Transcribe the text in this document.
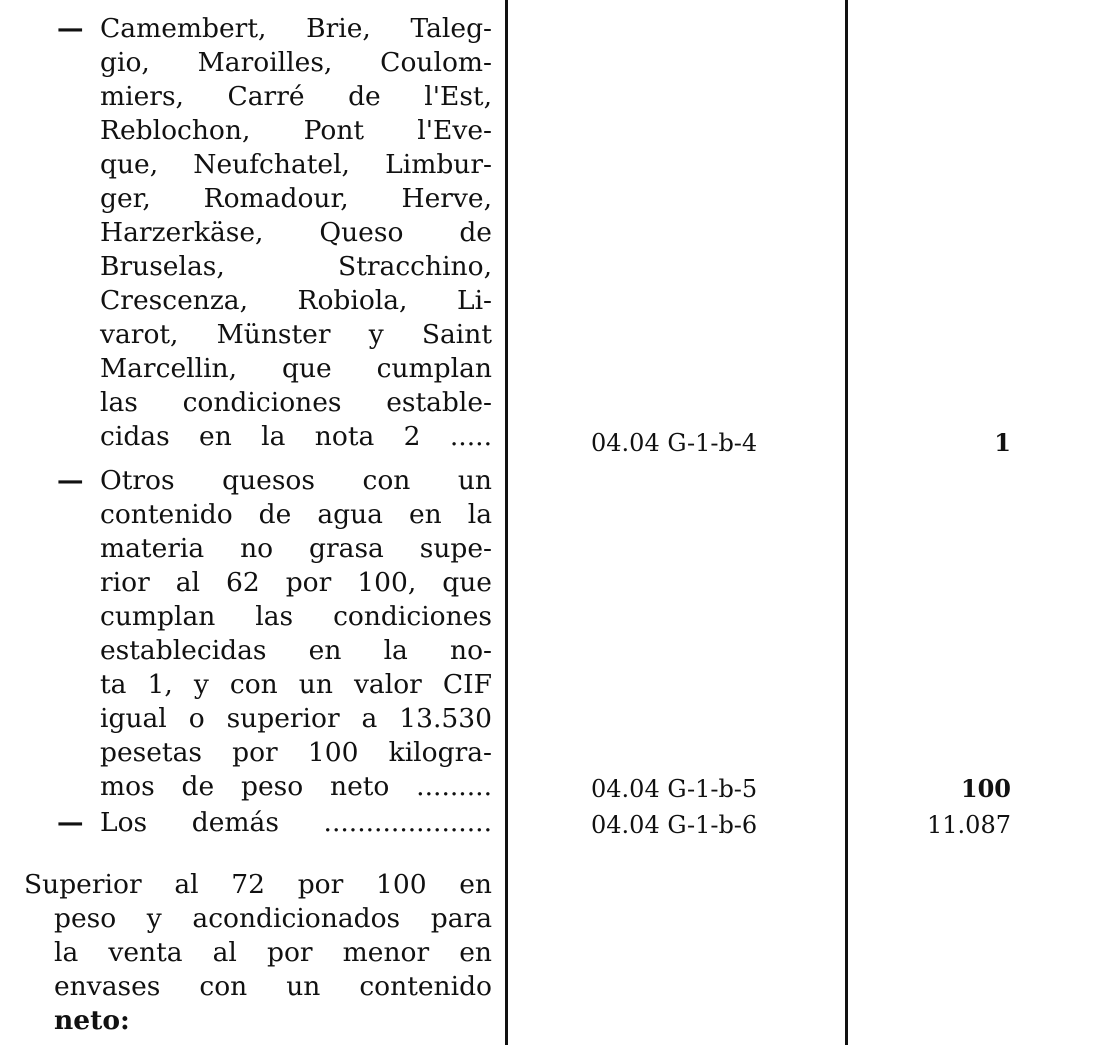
— Camembert, Brie, Taleg-
gio, Maroilles, Coulom-
miers, Carré de l'Est,
Reblochon, Pont l'Eve-
que, Neufchatel, Limbur-
ger, Romadour, Herve,
Harzerkäse, Queso de
Bruselas, Stracchino,
Crescenza, Robiola, Li-
varot, Münster y Saint
Marcellin, que cumplan
las condiciones estable-
cidas en la nota 2 .....
— Otros quesos con un
contenido de agua en la
materia no grasa supe-
rior al 62 por 100, que
cumplan las condiciones
establecidas en la no-
ta 1, y con un valor CIF
igual o superior a 13.530
pesetas por 100 kilogra-
mos de peso neto .........
— Los demás ....................
Superior al 72 por 100 en
peso y acondicionados para
la venta al por menor en
envases con un contenido
neto:
04.04 G-1-b-4
04.04 G-1-b-5
04.04 G-1-b-6
1
100
11.087
